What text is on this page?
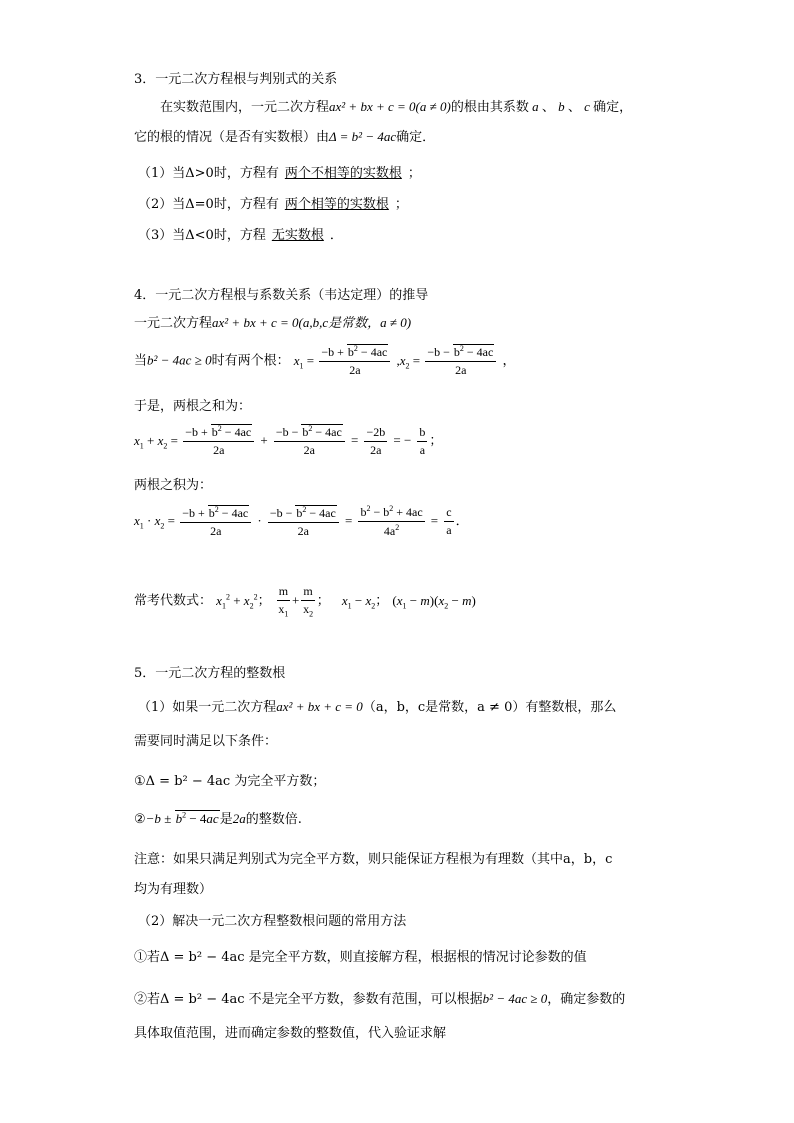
3．一元二次方程根与判别式的关系
在实数范围内，一元二次方程ax² + bx + c = 0(a ≠ 0)的根由其系数 a 、 b 、 c 确定，
它的根的情况（是否有实数根）由Δ = b² − 4ac确定．
（1）当Δ>0时，方程有 两个不相等的实数根 ；
（2）当Δ=0时，方程有 两个相等的实数根 ；
（3）当Δ<0时，方程 无实数根 ．
4．一元二次方程根与系数关系（韦达定理）的推导
一元二次方程ax² + bx + c = 0(a,b,c是常数，a ≠ 0)
当b² − 4ac ≥ 0时有两个根： $x_1 = \frac{-b + b^2 - 4ac}{2a} ,x_2 = \frac{-b - b^2 - 4ac}{2a}$ ，
于是，两根之和为：
$x_1 + x_2 = \frac{-b + b^2 - 4ac}{2a} + \frac{-b - b^2 - 4ac}{2a} = \frac{-2b}{2a}$ = − $\frac{b}{a}$ ；
两根之积为：
$x_1 \cdot x_2 = \frac{-b + b^2 - 4ac}{2a} \cdot \frac{-b - b^2 - 4ac}{2a} = \frac{b^2 - b^2 + 4ac}{4a^2} = \frac{c}{a}$ ．
常考代数式： $x_1^2 + x_2^2$； $\frac{m}{x_1} + \frac{m}{x_2}$ ； $x_1 - x_2$； $(x_1 - m)(x_2 - m)$
5．一元二次方程的整数根
（1）如果一元二次方程ax² + bx + c = 0（a，b，c是常数，a ≠ 0）有整数根，那么
需要同时满足以下条件：
①Δ = b² − 4ac 为完全平方数；
②−b ± $b^2 - 4ac$是2a的整数倍.
注意：如果只满足判别式为完全平方数，则只能保证方程根为有理数（其中a，b，c
均为有理数）
（2）解决一元二次方程整数根问题的常用方法
①若Δ = b² − 4ac 是完全平方数，则直接解方程，根据根的情况讨论参数的值
②若Δ = b² − 4ac 不是完全平方数，参数有范围，可以根据b² − 4ac ≥ 0，确定参数的
具体取值范围，进而确定参数的整数值，代入验证求解
